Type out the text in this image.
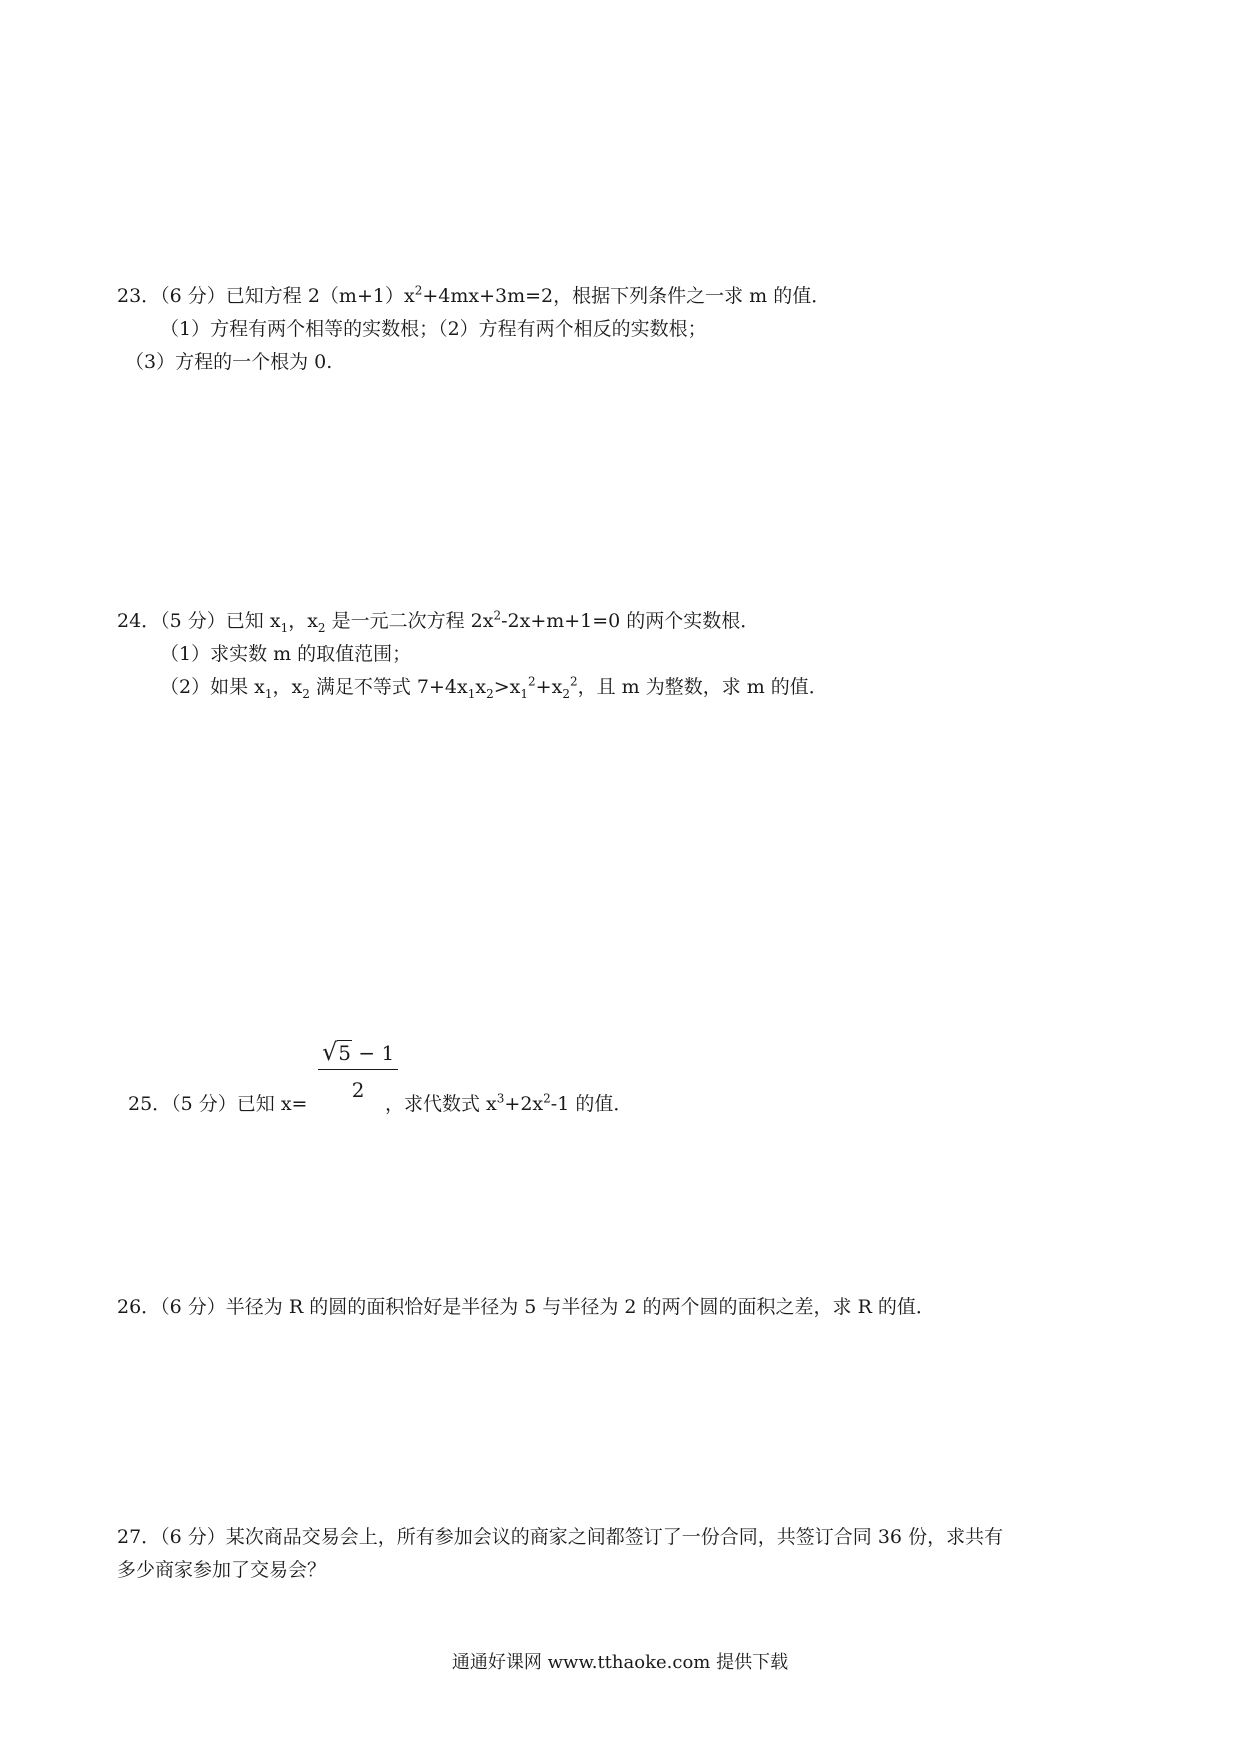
23．（6 分）已知方程 $2(m+1)x^2+4mx+3m=2$，根据下列条件之一求 m 的值．
（1）方程有两个相等的实数根；（2）方程有两个相反的实数根；
（3）方程的一个根为 0.
24．（5 分）已知 $x_1$，$x_2$ 是一元二次方程 $2x^2-2x+m+1=0$ 的两个实数根．
（1）求实数 m 的取值范围；
（2）如果 $x_1$，$x_2$ 满足不等式 $7+4x_1x_2>x_1^2+x_2^2$，且 m 为整数，求 m 的值．
25．（5 分）已知 x=
$\frac{√5 - 1}{2}$
，求代数式 $x^3+2x^2-1$ 的值．
26．（6 分）半径为 R 的圆的面积恰好是半径为 5 与半径为 2 的两个圆的面积之差，求 R 的值．
27．（6 分）某次商品交易会上，所有参加会议的商家之间都签订了一份合同，共签订合同 36 份，求共有
多少商家参加了交易会？
通通好课网 www.tthaoke.com 提供下载
